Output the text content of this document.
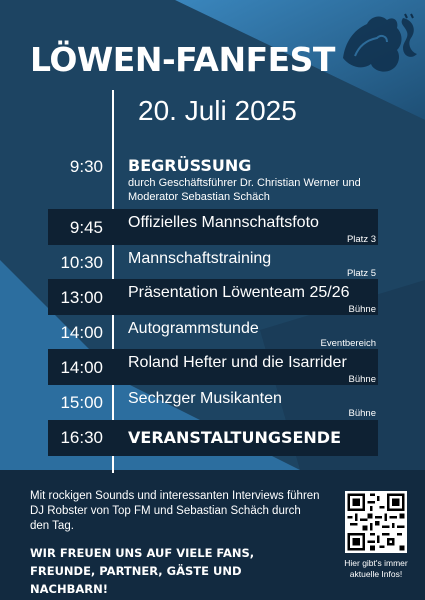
LÖWEN-FANFEST
20. Juli 2025
9:30 BEGRÜSSUNG
durch Geschäftsführer Dr. Christian Werner und Moderator Sebastian Schäch
9:45 Offizielles Mannschaftsfoto
Platz 3
10:30 Mannschaftstraining
Platz 5
13:00 Präsentation Löwenteam 25/26
Bühne
14:00 Autogrammstunde
Eventbereich
14:00 Roland Hefter und die Isarrider
Bühne
15:00 Sechzger Musikanten
Bühne
16:30 VERANSTALTUNGSENDE
Mit rockigen Sounds und interessanten Interviews führen DJ Robster von Top FM und Sebastian Schäch durch den Tag.
WIR FREUEN UNS AUF VIELE FANS, FREUNDE, PARTNER, GÄSTE UND NACHBARN!
Hier gibt's immer aktuelle Infos!
